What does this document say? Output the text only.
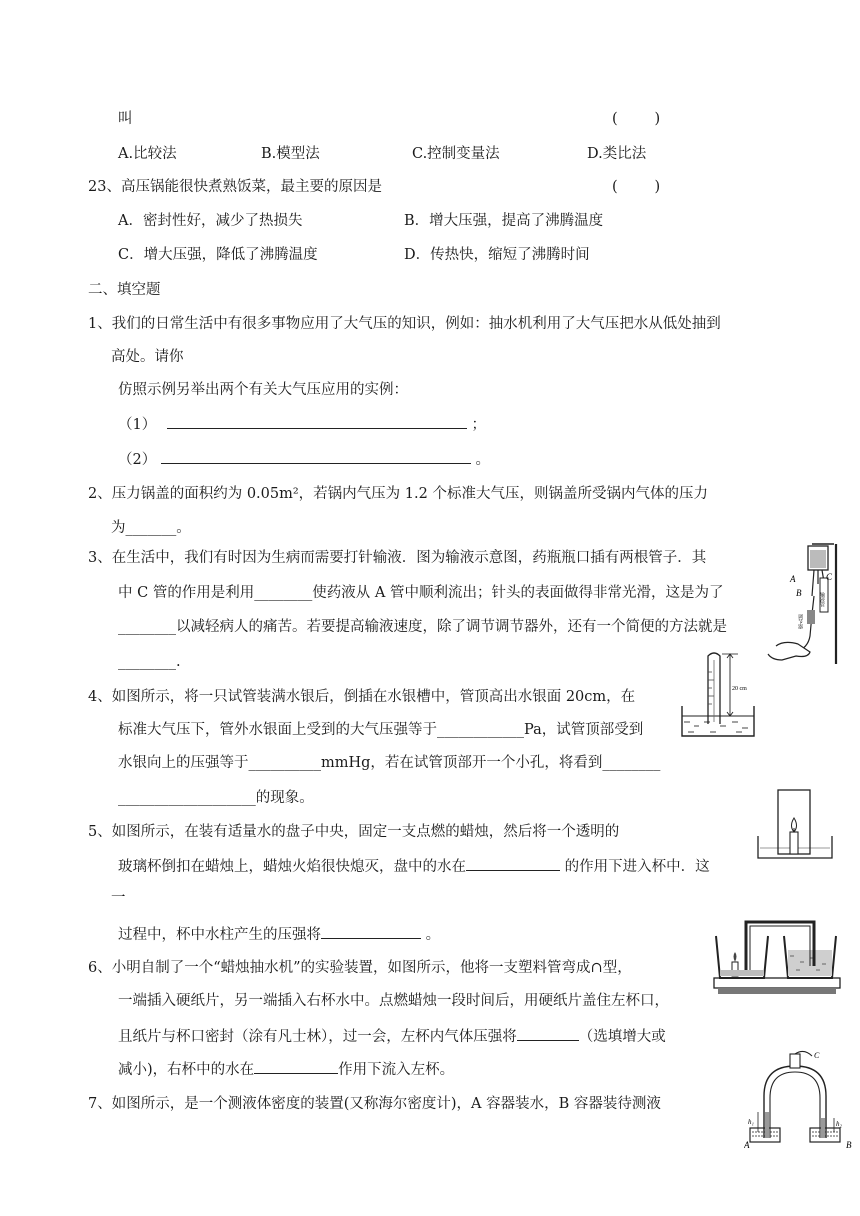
叫	(        )
A.比较法	B.模型法	C.控制变量法	D.类比法
23、高压锅能很快煮熟饭菜，最主要的原因是	(        )
A．密封性好，减少了热损失	B．增大压强，提高了沸腾温度
C．增大压强，降低了沸腾温度	D．传热快，缩短了沸腾时间
二、填空题
1、我们的日常生活中有很多事物应用了大气压的知识，例如：抽水机利用了大气压把水从低处抽到
高处。请你
仿照示例另举出两个有关大气压应用的实例：
（1）	；
（2）	。
2、压力锅盖的面积约为 0.05m²，若锅内气压为 1.2 个标准大气压，则锅盖所受锅内气体的压力
为_______。
3、在生活中，我们有时因为生病而需要打针输液．图为输液示意图，药瓶瓶口插有两根管子．其
中 C 管的作用是利用________使药液从 A 管中顺利流出；针头的表面做得非常光滑，这是为了
________以减轻病人的痛苦。若要提高输液速度，除了调节调节器外，还有一个简便的方法就是
________.
A
B
C
输液管
调节器
4、如图所示，将一只试管装满水银后，倒插在水银槽中，管顶高出水银面 20cm，在
标准大气压下，管外水银面上受到的大气压强等于____________Pa，试管顶部受到
水银向上的压强等于__________mmHg，若在试管顶部开一个小孔，将看到________
___________________的现象。
20 cm
5、如图所示，在装有适量水的盘子中央，固定一支点燃的蜡烛，然后将一个透明的
玻璃杯倒扣在蜡烛上，蜡烛火焰很快熄灭，盘中的水在	的作用下进入杯中．这
一
过程中，杯中水柱产生的压强将	。
6、小明自制了一个“蜡烛抽水机”的实验装置，如图所示，他将一支塑料管弯成∩型，
一端插入硬纸片，另一端插入右杯水中。点燃蜡烛一段时间后，用硬纸片盖住左杯口，
且纸片与杯口密封（涂有凡士林），过一会，左杯内气体压强将	（选填增大或
减小)，右杯中的水在	作用下流入左杯。
7、如图所示，是一个测液体密度的装置(又称海尔密度计)，A 容器装水，B 容器装待测液
A	B
C
h₁	h₂
